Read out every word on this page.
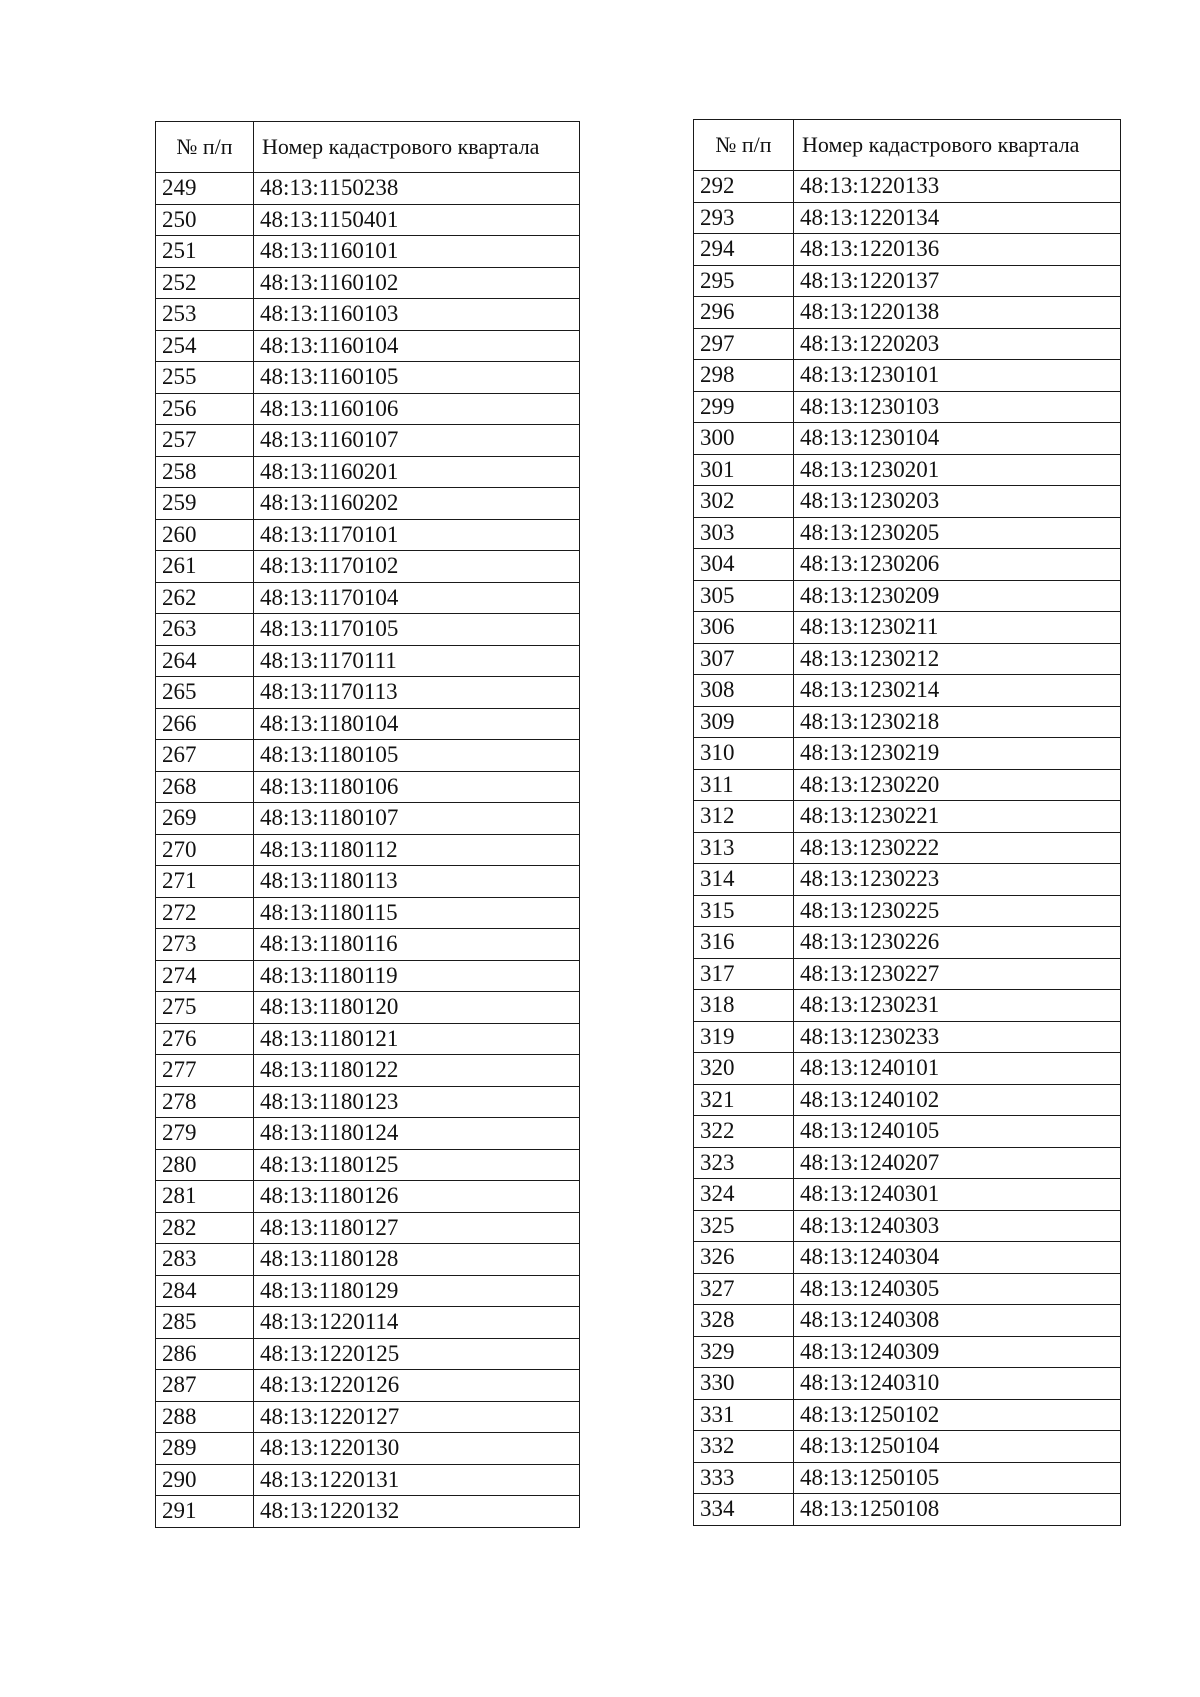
№ п/п	Номер кадастрового квартала
249	48:13:1150238
250	48:13:1150401
251	48:13:1160101
252	48:13:1160102
253	48:13:1160103
254	48:13:1160104
255	48:13:1160105
256	48:13:1160106
257	48:13:1160107
258	48:13:1160201
259	48:13:1160202
260	48:13:1170101
261	48:13:1170102
262	48:13:1170104
263	48:13:1170105
264	48:13:1170111
265	48:13:1170113
266	48:13:1180104
267	48:13:1180105
268	48:13:1180106
269	48:13:1180107
270	48:13:1180112
271	48:13:1180113
272	48:13:1180115
273	48:13:1180116
274	48:13:1180119
275	48:13:1180120
276	48:13:1180121
277	48:13:1180122
278	48:13:1180123
279	48:13:1180124
280	48:13:1180125
281	48:13:1180126
282	48:13:1180127
283	48:13:1180128
284	48:13:1180129
285	48:13:1220114
286	48:13:1220125
287	48:13:1220126
288	48:13:1220127
289	48:13:1220130
290	48:13:1220131
291	48:13:1220132
№ п/п	Номер кадастрового квартала
292	48:13:1220133
293	48:13:1220134
294	48:13:1220136
295	48:13:1220137
296	48:13:1220138
297	48:13:1220203
298	48:13:1230101
299	48:13:1230103
300	48:13:1230104
301	48:13:1230201
302	48:13:1230203
303	48:13:1230205
304	48:13:1230206
305	48:13:1230209
306	48:13:1230211
307	48:13:1230212
308	48:13:1230214
309	48:13:1230218
310	48:13:1230219
311	48:13:1230220
312	48:13:1230221
313	48:13:1230222
314	48:13:1230223
315	48:13:1230225
316	48:13:1230226
317	48:13:1230227
318	48:13:1230231
319	48:13:1230233
320	48:13:1240101
321	48:13:1240102
322	48:13:1240105
323	48:13:1240207
324	48:13:1240301
325	48:13:1240303
326	48:13:1240304
327	48:13:1240305
328	48:13:1240308
329	48:13:1240309
330	48:13:1240310
331	48:13:1250102
332	48:13:1250104
333	48:13:1250105
334	48:13:1250108
